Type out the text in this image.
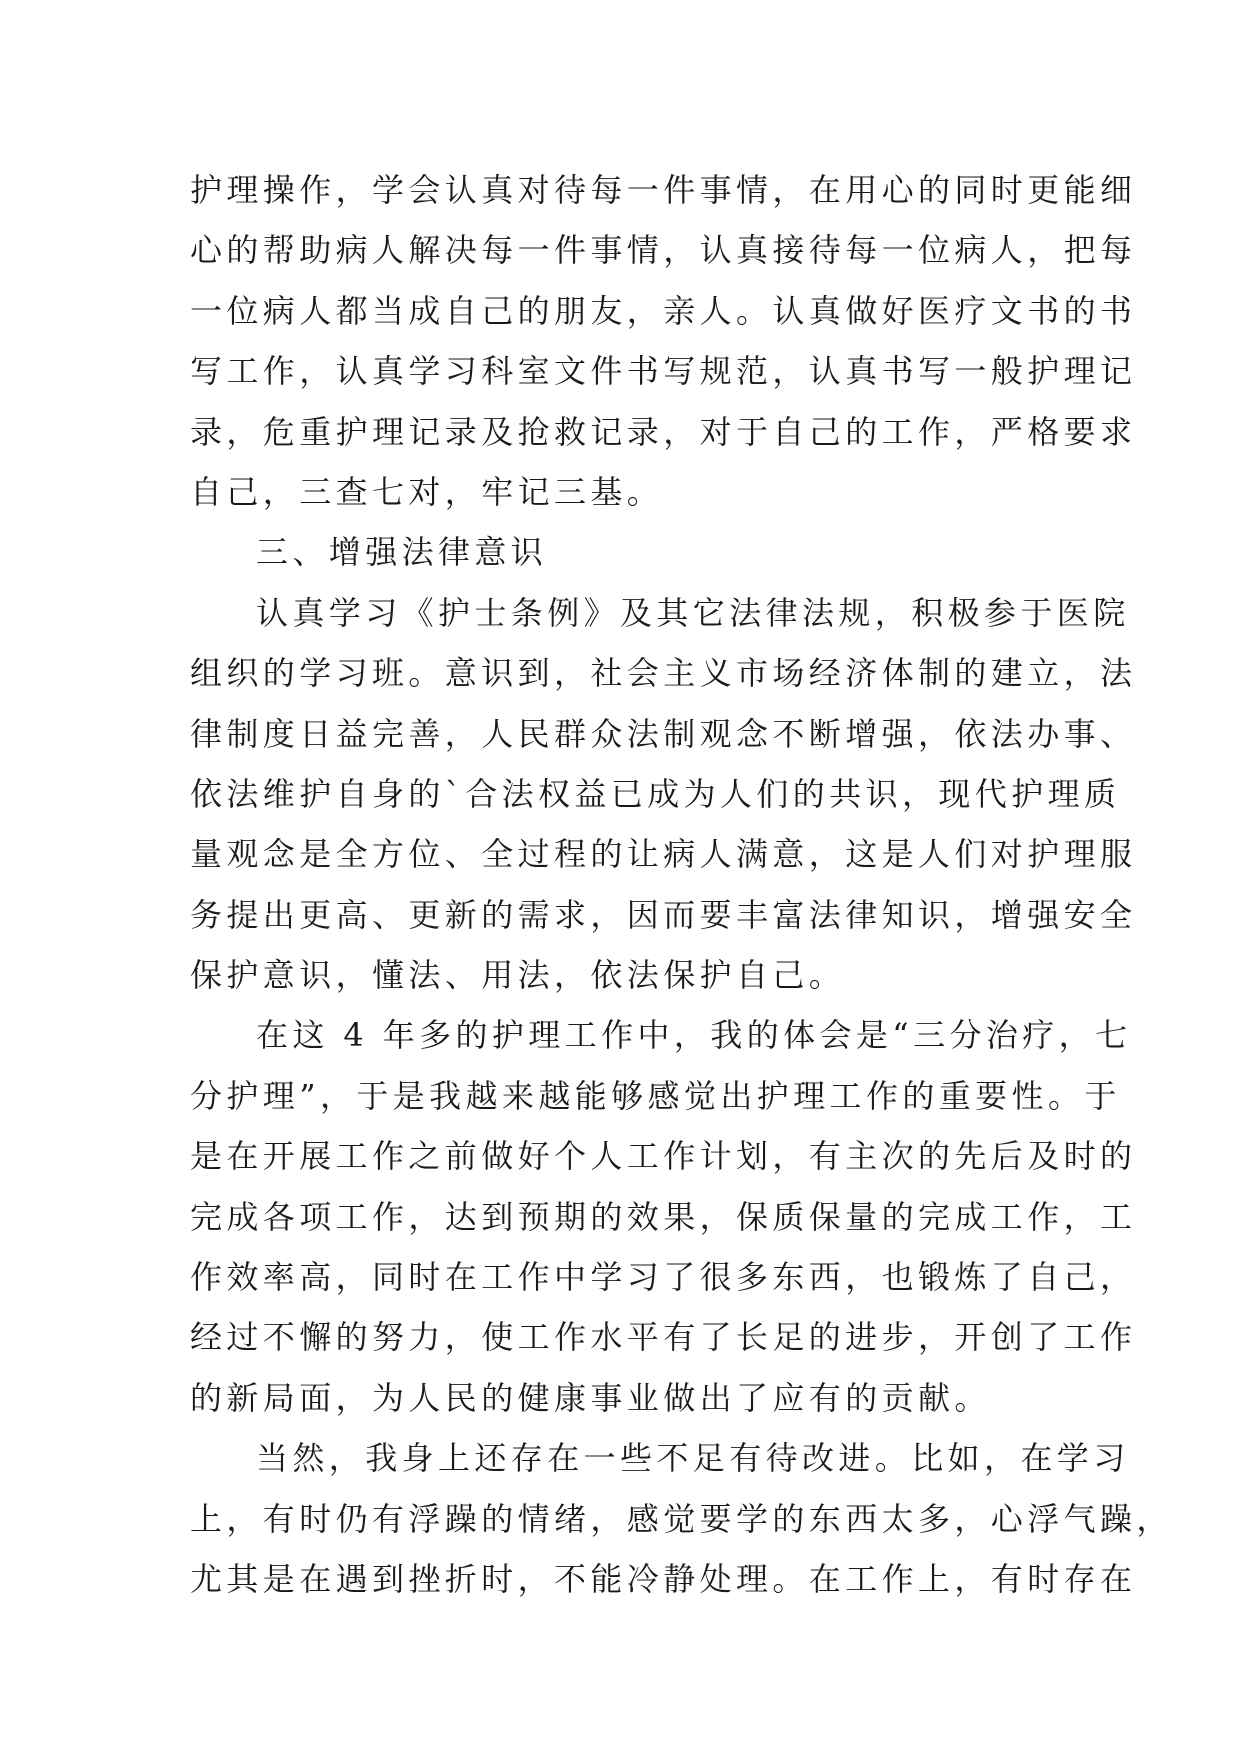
护理操作，学会认真对待每一件事情，在用心的同时更能细
心的帮助病人解决每一件事情，认真接待每一位病人，把每
一位病人都当成自己的朋友，亲人。认真做好医疗文书的书
写工作，认真学习科室文件书写规范，认真书写一般护理记
录，危重护理记录及抢救记录，对于自己的工作，严格要求
自己，三查七对，牢记三基。
三、增强法律意识
认真学习《护士条例》及其它法律法规，积极参于医院
组织的学习班。意识到，社会主义市场经济体制的建立，法
律制度日益完善，人民群众法制观念不断增强，依法办事、
依法维护自身的`合法权益已成为人们的共识，现代护理质
量观念是全方位、全过程的让病人满意，这是人们对护理服
务提出更高、更新的需求，因而要丰富法律知识，增强安全
保护意识，懂法、用法，依法保护自己。
在这 4 年多的护理工作中，我的体会是“三分治疗，七
分护理”，于是我越来越能够感觉出护理工作的重要性。于
是在开展工作之前做好个人工作计划，有主次的先后及时的
完成各项工作，达到预期的效果，保质保量的完成工作，工
作效率高，同时在工作中学习了很多东西，也锻炼了自己，
经过不懈的努力，使工作水平有了长足的进步，开创了工作
的新局面，为人民的健康事业做出了应有的贡献。
当然，我身上还存在一些不足有待改进。比如，在学习
上，有时仍有浮躁的情绪，感觉要学的东西太多，心浮气躁，
尤其是在遇到挫折时，不能冷静处理。在工作上，有时存在
